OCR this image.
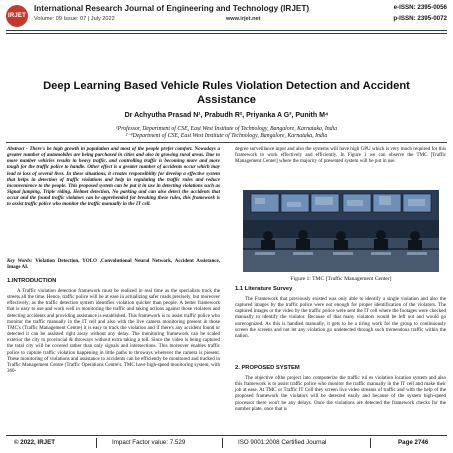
IRJET
International Research Journal of Engineering and Technology (IRJET)
Volume: 09 Issue: 07 | July 2022	www.irjet.net
e-ISSN: 2395-0056
p-ISSN: 2395-0072
Deep Learning Based Vehicle Rules Violation Detection and Accident
Assistance
Dr Achyutha Prasad N¹, Prabudh R², Priyanka A G³, Punith M⁴
¹Professor, Department of CSE, East West Institute of Technology, Bangalore, Karnataka, India
²⁻⁴Department of CSE, East West Institute of Technology, Bangalore, Karnataka, India

Abstract - There's be high growth in population and most of the people prefer comfort. Nowadays a greater number of automobiles are being purchased in cities and also in growing rural areas. Due to more number vehicles results in heavy traffic, and controlling traffic is becoming more and more tough for the traffic police to handle. Other effect is a greater number of accidents occur which may lead to loss of several lives. In these situations, it creates responsibility for develop a effective system that helps in detection of traffic violations and help in regulating the traffic rules and reduce inconvenience to the people. This proposed system can be put it in use in detecting violations such as Signal jumping, Triple riding, Helmet detection, No parking and can also detect the accidents that occur and the found traffic violators can be apprehended for breaking these rules, this framework is to assist traffic police who monitor the traffic manually in the IT cell.

Key Words: Violation Detection, YOLO ,Convolutional Neural Network, Accident Assistance, Image AI.

1.INTRODUCTION
A Traffic violation detection framework must be realized in real time as the specialists track the streets all the time. Hence, traffic police will be at ease in actualizing safer roads precisely, but moreover effectively; as the traffic detection system identifies violation quicker than people. A better framework that is easy to use and work well in monitoring the traffic and taking actions against those violators and detecting accidents and providing assistance is established. This framework is to assist traffic police who monitor the traffic manually in the IT cell and also with the live camera monitoring present in those TMC's (Traffic Management Centre) it is easy to track the violation and if there's any accident found or detected it can be assisted right away without any delay. The monitoring framework can be scaled exterior the city to provincial & throways without extra taking a toll. Since the video is being captured the total city will be covered rather than only signals and intersections. This moreover enables traffic police to capture traffic violation happening in little paths to throways wherever the camera is present. These monitoring of violations and assistance to accidents can be efficiently be monitored and tracked in Traffic Management Centre (Traffic Operations Centre's. TMC have high-speed monitoring system, with 360-
degree surveillance input and also the systems will have high GPU which is very much required for this framework to work effectively and efficiently. In Figure 1 we can observe the TMC [Traffic Management Center] where the majority of presented system will be put in use.
Figure 1: TMC [Traffic Management Center]
1.1 Literature Survey
The Framework that previously existed was only able to identify a single violation and also the captured images by the traffic police were not enough for proper identification of the violators. The captured images or the video by the traffic police were sent the IT cell where the footages were checked manually to identify the violator. Because of that many violators would be left out and would go unrecognized. As this is handled manually, it gets to be a tiring work for the group to continuously screen the screens and not let any violation go undetected through such tremendous traffic within the nation.
2. PROPOSED SYSTEM
The objective ofthe project into computerize the traffic rul es violation location system and also this framework is to assist traffic police who monitor the traffic manually in the IT cell and make their job at ease. At TMC or Traffic IT Cell they screen live video streams of traffic and with the help of the proposed framework the violators will be detected easily and because of the system high-speed processor there won't be any delays. Once the violations are detected the framework checks for the number plate, once that is
© 2022, IRJET	Impact Factor value: 7.529	ISO 9001:2008 Certified Journal	Page 2746
